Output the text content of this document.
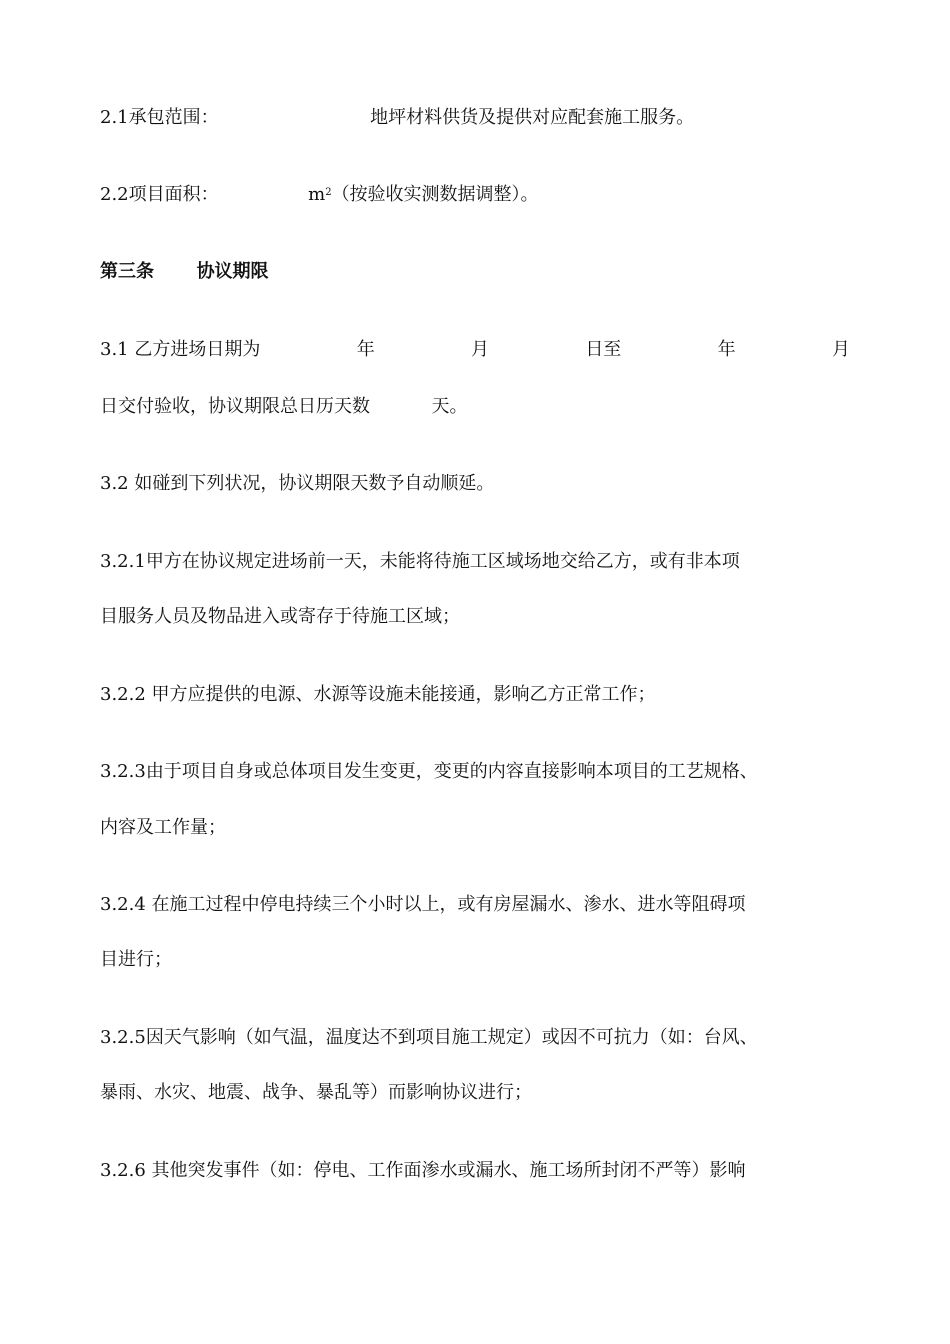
2.1承包范围：	地坪材料供货及提供对应配套施工服务。
2.2项目面积：	$m^2$（按验收实测数据调整）。
第三条 协议期限
3.1 乙方进场日期为	年	月	日至	年	月
日交付验收，协议期限总日历天数	天。
3.2 如碰到下列状况，协议期限天数予自动顺延。
3.2.1甲方在协议规定进场前一天，未能将待施工区域场地交给乙方，或有非本项
目服务人员及物品进入或寄存于待施工区域；
3.2.2 甲方应提供的电源、水源等设施未能接通，影响乙方正常工作；
3.2.3由于项目自身或总体项目发生变更，变更的内容直接影响本项目的工艺规格、
内容及工作量；
3.2.4 在施工过程中停电持续三个小时以上，或有房屋漏水、渗水、进水等阻碍项
目进行；
3.2.5因天气影响（如气温，温度达不到项目施工规定）或因不可抗力（如：台风、
暴雨、水灾、地震、战争、暴乱等）而影响协议进行；
3.2.6 其他突发事件（如：停电、工作面渗水或漏水、施工场所封闭不严等）影响
